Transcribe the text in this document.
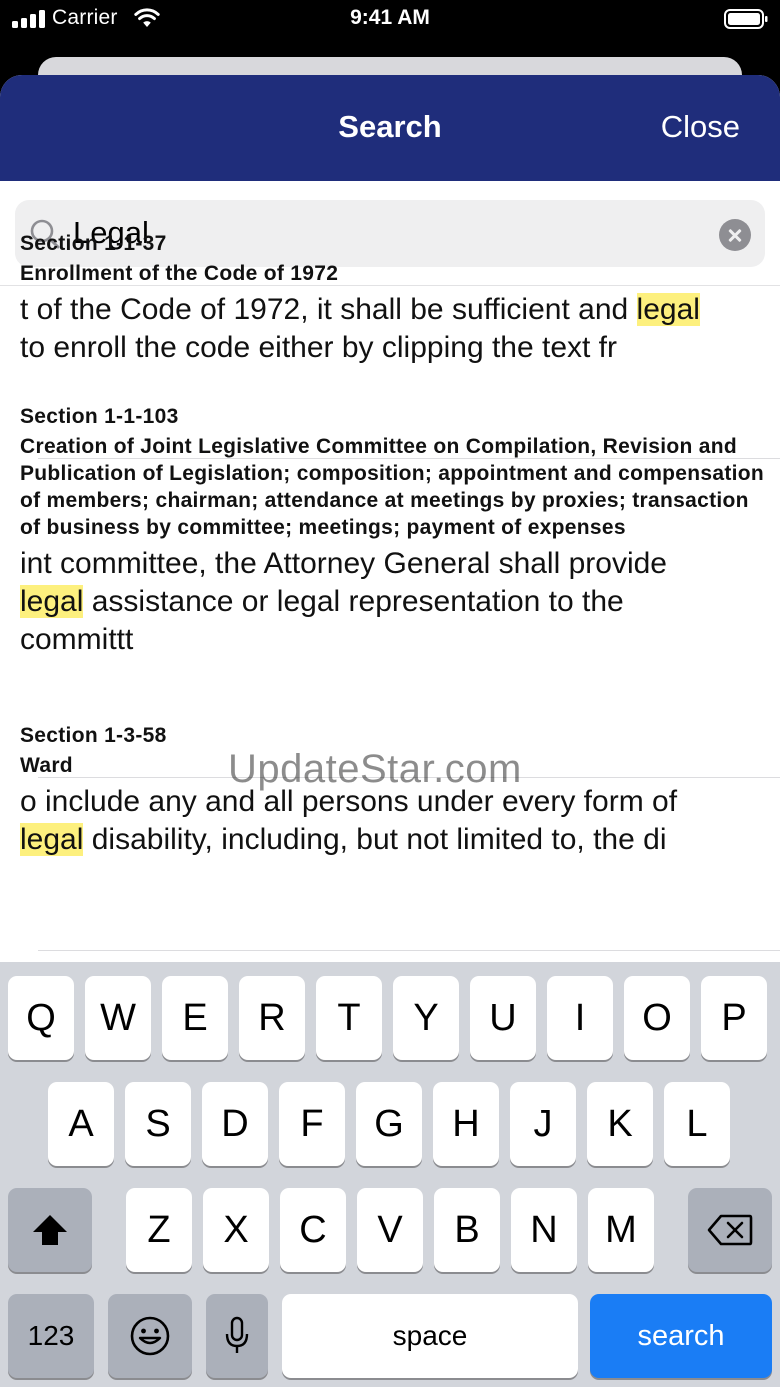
Carrier	9:41 AM
Search	Close
Legal
Section 1-1-37
Enrollment of the Code of 1972
t of the Code of 1972, it shall be sufficient and legal
to enroll the code either by clipping the text fr
Section 1-1-103
Creation of Joint Legislative Committee on Compilation, Revision and Publication of Legislation; composition; appointment and compensation of members; chairman; attendance at meetings by proxies; transaction of business by committee; meetings; payment of expenses
int committee, the Attorney General shall provide
legal assistance or legal representation to the
committt
Section 1-3-58
Ward
o include any and all persons under every form of
legal disability, including, but not limited to, the di
UpdateStar.com
Q	W	E	R	T	Y	U	I	O	P
A	S	D	F	G	H	J	K	L
Z	X	C	V	B	N	M
123	space	search
